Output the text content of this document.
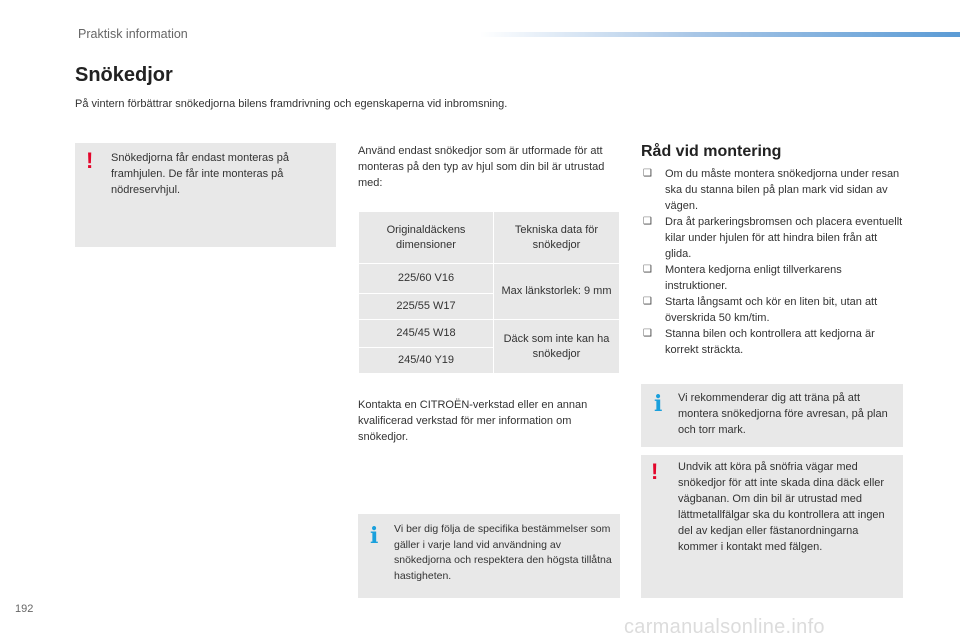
Praktisk information
Snökedjor
På vintern förbättrar snökedjorna bilens framdrivning och egenskaperna vid inbromsning.
! Snökedjorna får endast monteras på framhjulen. De får inte monteras på nödreservhjul.
Använd endast snökedjor som är utformade för att monteras på den typ av hjul som din bil är utrustad med:
Originaldäckens dimensioner	Tekniska data för snökedjor
225/60 V16	Max länkstorlek: 9 mm
225/55 W17	
245/45 W18	Däck som inte kan ha snökedjor
245/40 Y19	
Kontakta en CITROËN-verkstad eller en annan kvalificerad verkstad för mer information om snökedjor.
i Vi ber dig följa de specifika bestämmelser som gäller i varje land vid användning av snökedjorna och respektera den högsta tillåtna hastigheten.
Råd vid montering
❑ Om du måste montera snökedjorna under resan ska du stanna bilen på plan mark vid sidan av vägen.
❑ Dra åt parkeringsbromsen och placera eventuellt kilar under hjulen för att hindra bilen från att glida.
❑ Montera kedjorna enligt tillverkarens instruktioner.
❑ Starta långsamt och kör en liten bit, utan att överskrida 50 km/tim.
❑ Stanna bilen och kontrollera att kedjorna är korrekt sträckta.
i Vi rekommenderar dig att träna på att montera snökedjorna före avresan, på plan och torr mark.
! Undvik att köra på snöfria vägar med snökedjor för att inte skada dina däck eller vägbanan. Om din bil är utrustad med lättmetallfälgar ska du kontrollera att ingen del av kedjan eller fästanordningarna kommer i kontakt med fälgen.
192
carmanualsonline.info
